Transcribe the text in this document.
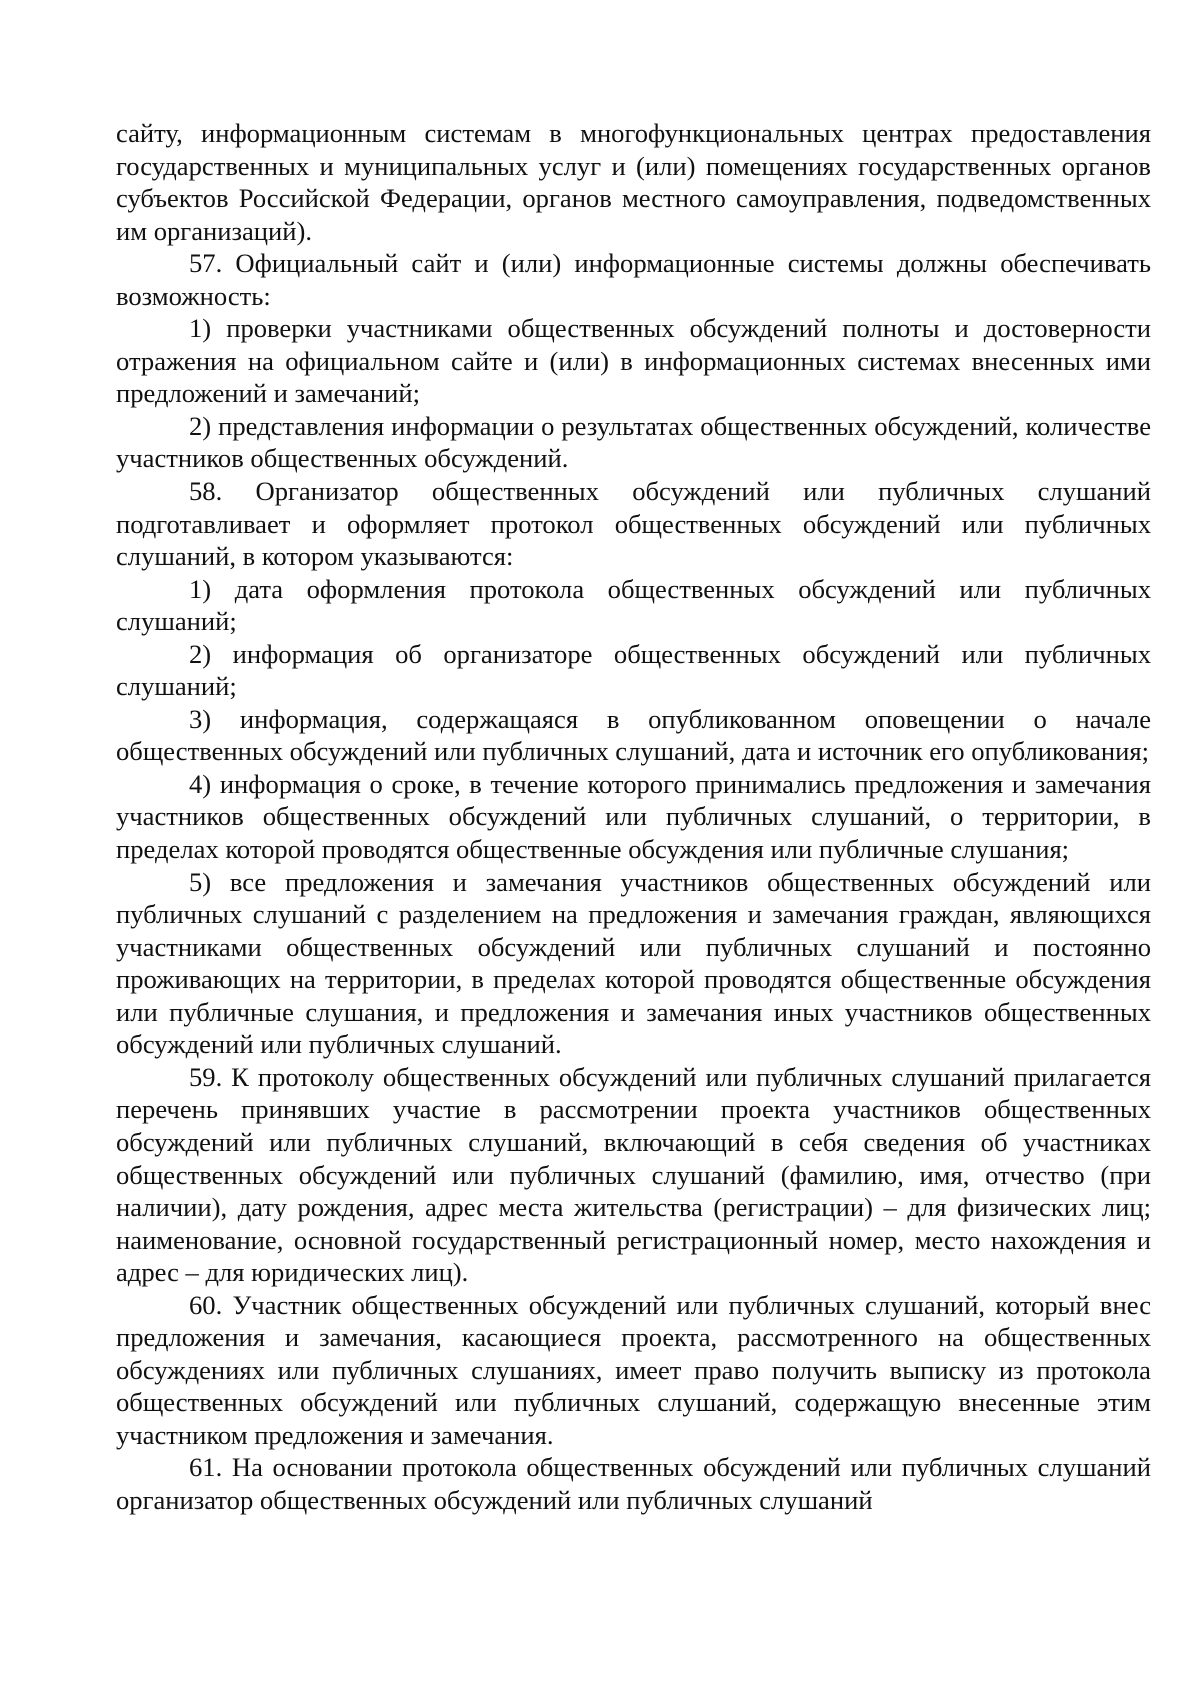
сайту, информационным системам в многофункциональных центрах предоставления государственных и муниципальных услуг и (или) помещениях государственных органов субъектов Российской Федерации, органов местного самоуправления, подведомственных им организаций).

57. Официальный сайт и (или) информационные системы должны обеспечивать возможность:

1) проверки участниками общественных обсуждений полноты и достоверности отражения на официальном сайте и (или) в информационных системах внесенных ими предложений и замечаний;

2) представления информации о результатах общественных обсуждений, количестве участников общественных обсуждений.

58. Организатор общественных обсуждений или публичных слушаний подготавливает и оформляет протокол общественных обсуждений или публичных слушаний, в котором указываются:

1) дата оформления протокола общественных обсуждений или публичных слушаний;

2) информация об организаторе общественных обсуждений или публичных слушаний;

3) информация, содержащаяся в опубликованном оповещении о начале общественных обсуждений или публичных слушаний, дата и источник его опубликования;

4) информация о сроке, в течение которого принимались предложения и замечания участников общественных обсуждений или публичных слушаний, о территории, в пределах которой проводятся общественные обсуждения или публичные слушания;

5) все предложения и замечания участников общественных обсуждений или публичных слушаний с разделением на предложения и замечания граждан, являющихся участниками общественных обсуждений или публичных слушаний и постоянно проживающих на территории, в пределах которой проводятся общественные обсуждения или публичные слушания, и предложения и замечания иных участников общественных обсуждений или публичных слушаний.

59. К протоколу общественных обсуждений или публичных слушаний прилагается перечень принявших участие в рассмотрении проекта участников общественных обсуждений или публичных слушаний, включающий в себя сведения об участниках общественных обсуждений или публичных слушаний (фамилию, имя, отчество (при наличии), дату рождения, адрес места жительства (регистрации) – для физических лиц; наименование, основной государственный регистрационный номер, место нахождения и адрес – для юридических лиц).

60. Участник общественных обсуждений или публичных слушаний, который внес предложения и замечания, касающиеся проекта, рассмотренного на общественных обсуждениях или публичных слушаниях, имеет право получить выписку из протокола общественных обсуждений или публичных слушаний, содержащую внесенные этим участником предложения и замечания.

61. На основании протокола общественных обсуждений или публичных слушаний организатор общественных обсуждений или публичных слушаний
